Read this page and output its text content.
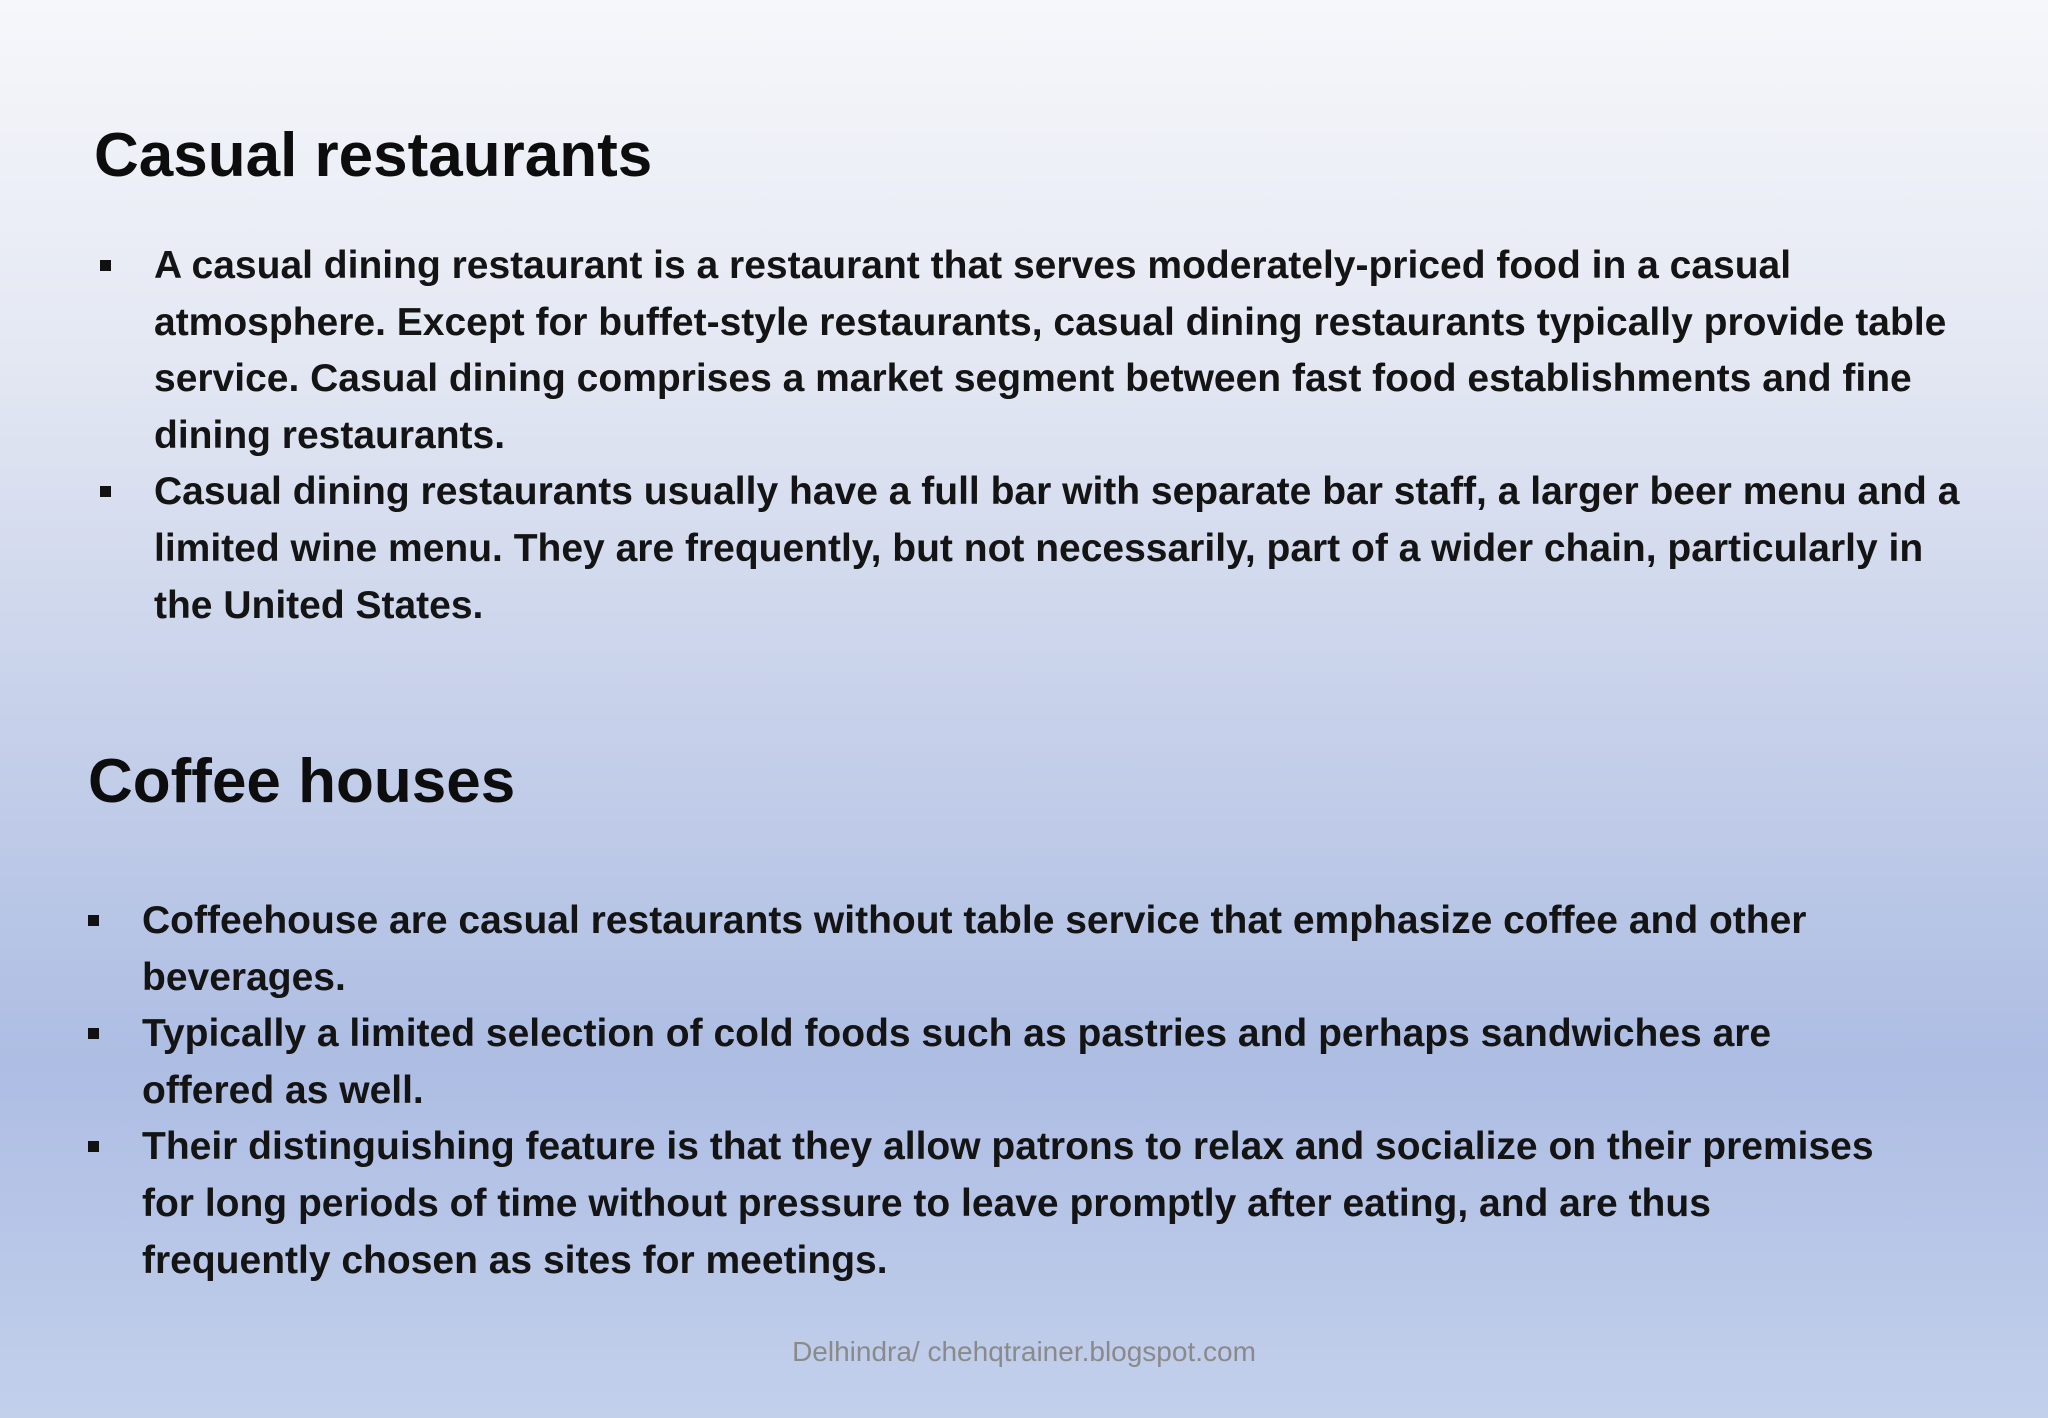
Casual restaurants
A casual dining restaurant is a restaurant that serves moderately-priced food in a casual atmosphere. Except for buffet-style restaurants, casual dining restaurants typically provide table service. Casual dining comprises a market segment between fast food establishments and fine dining restaurants.
Casual dining restaurants usually have a full bar with separate bar staff, a larger beer menu and a limited wine menu. They are frequently, but not necessarily, part of a wider chain, particularly in the United States.
Coffee houses
Coffeehouse are casual restaurants without table service that emphasize coffee and other beverages.
Typically a limited selection of cold foods such as pastries and perhaps sandwiches are offered as well.
Their distinguishing feature is that they allow patrons to relax and socialize on their premises for long periods of time without pressure to leave promptly after eating, and are thus frequently chosen as sites for meetings.
Delhindra/ chehqtrainer.blogspot.com
